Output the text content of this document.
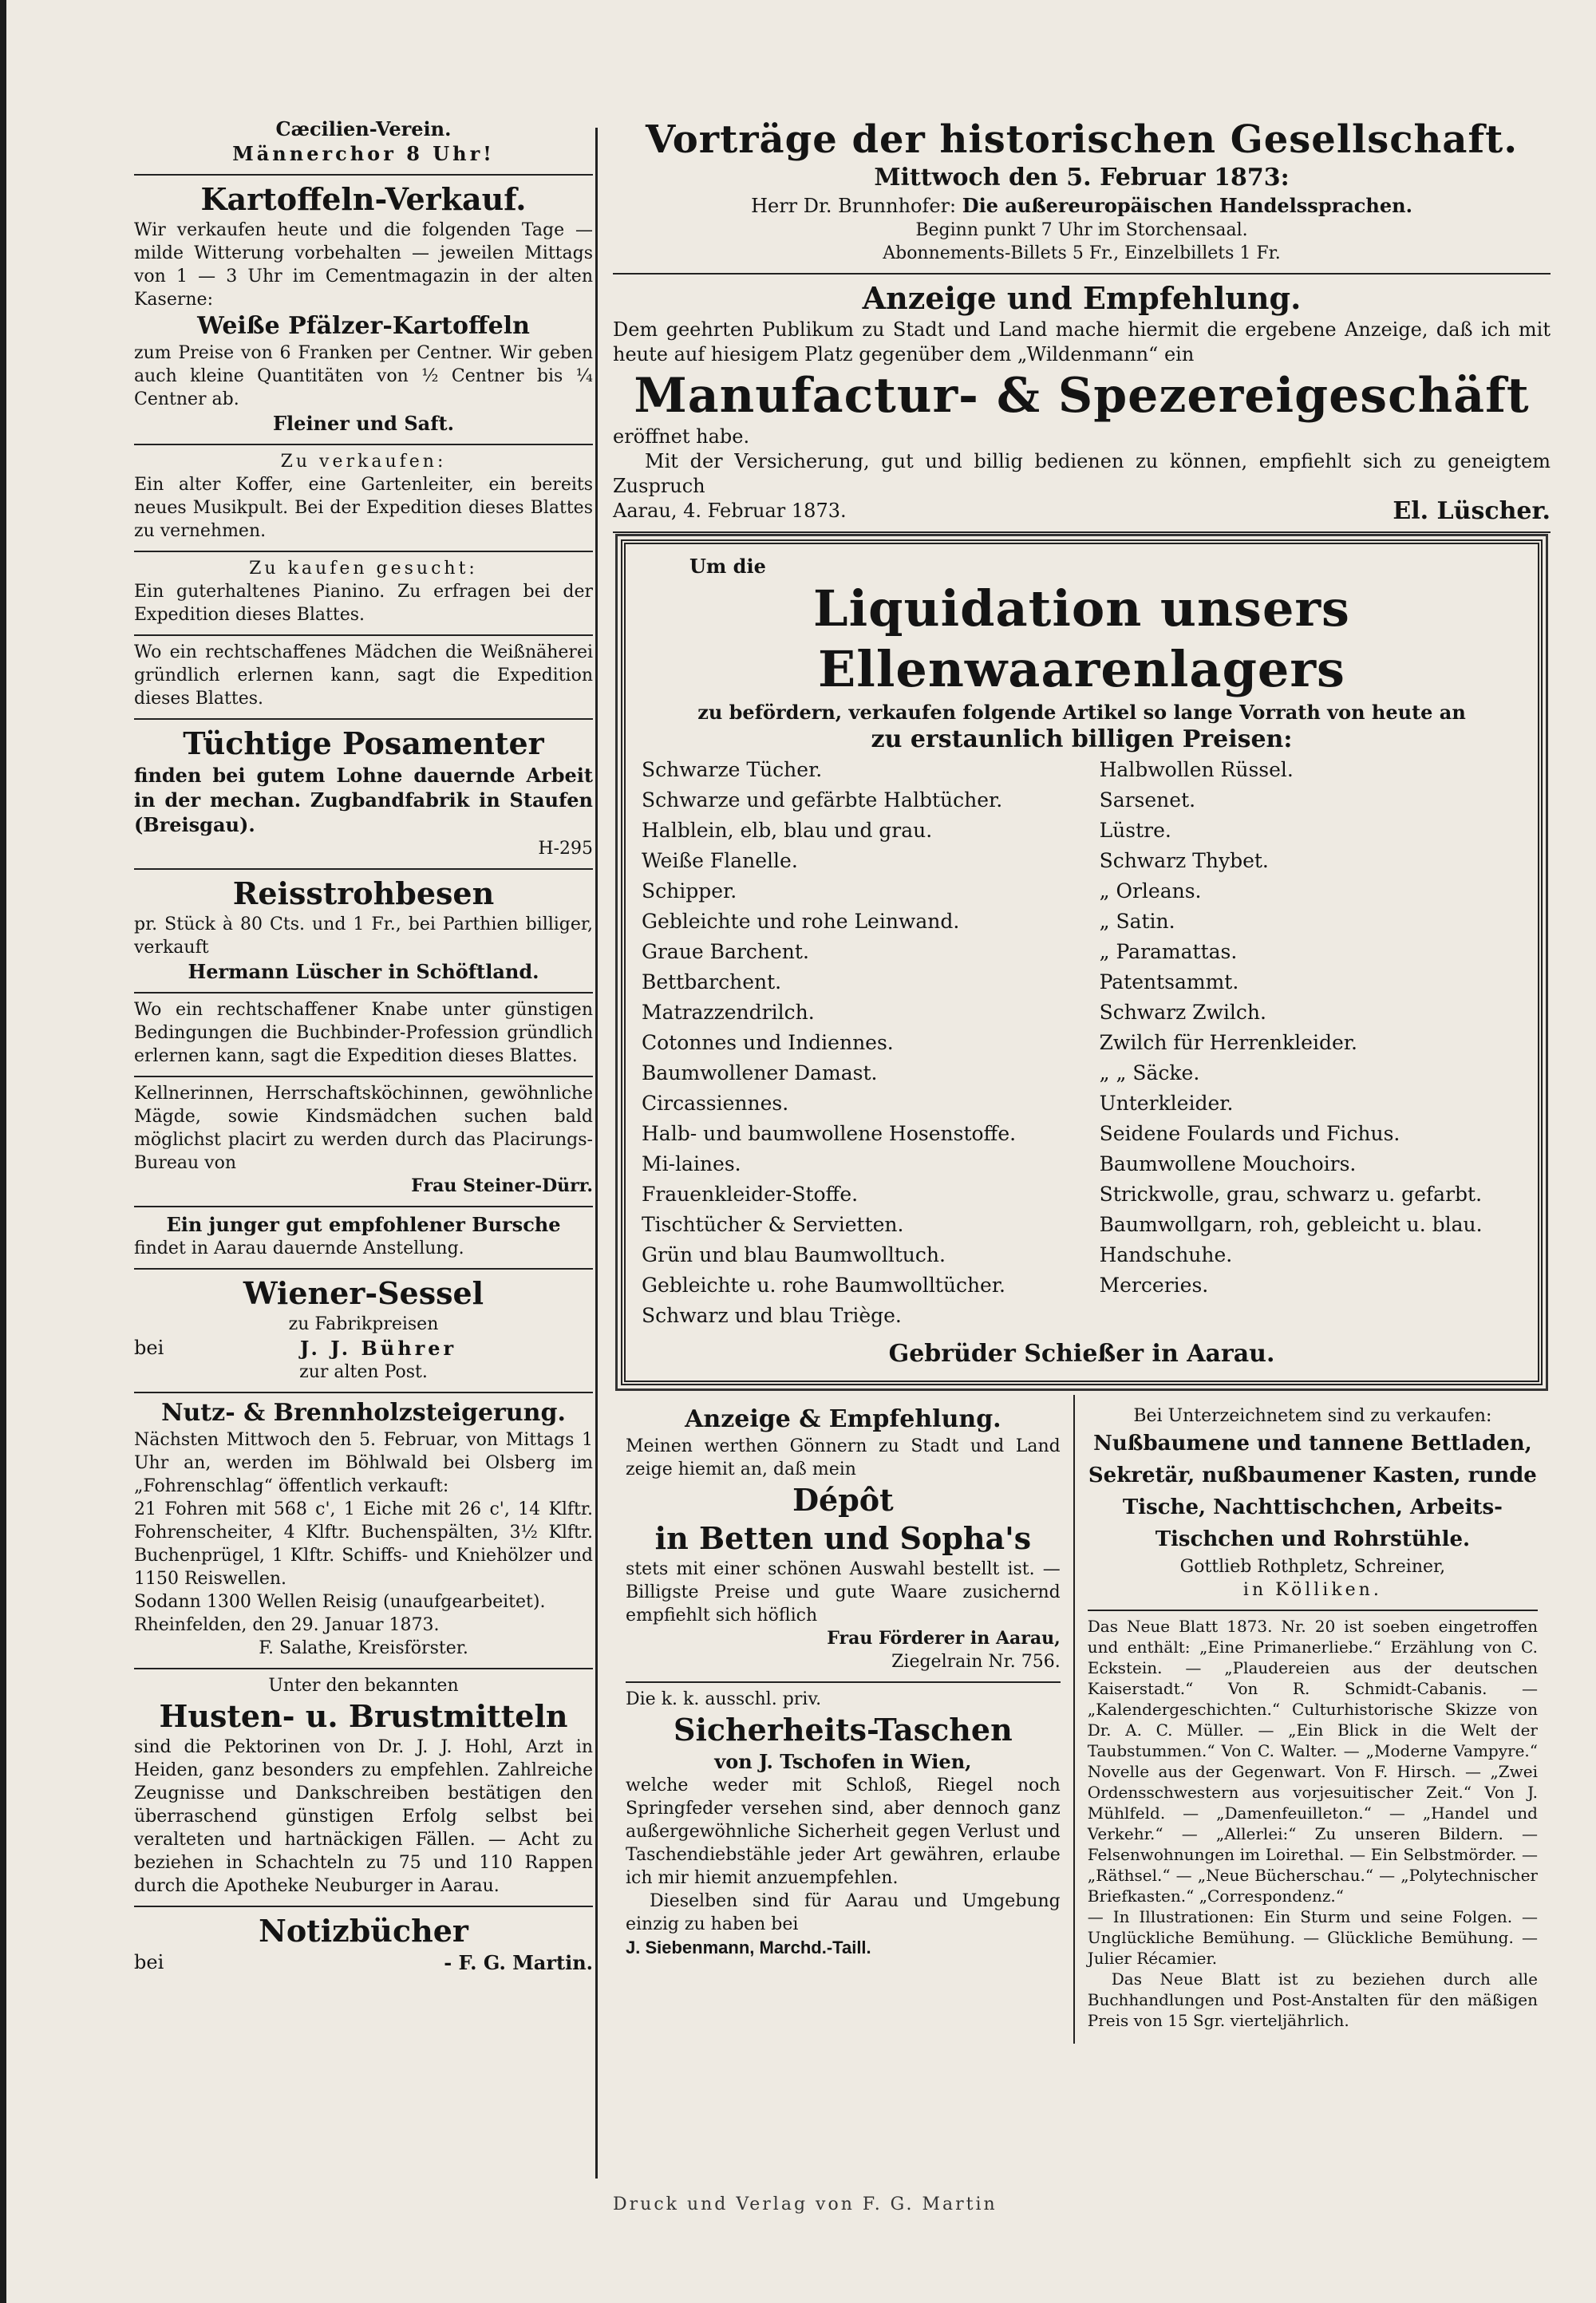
Cæcilien-Verein.

Männerchor 8 Uhr!

Kartoffeln-Verkauf.

Wir verkaufen heute und die folgenden Tage — milde Witterung vorbehalten — jeweilen Mittags von 1 — 3 Uhr im Cementmagazin in der alten Kaserne:

Weiße Pfälzer-Kartoffeln

zum Preise von 6 Franken per Centner. Wir geben auch kleine Quantitäten von ½ Centner bis ¼ Centner ab.

Fleiner und Saft.

Zu verkaufen:

Ein alter Koffer, eine Gartenleiter, ein bereits neues Musikpult. Bei der Expedition dieses Blattes zu vernehmen.

Zu kaufen gesucht:

Ein guterhaltenes Pianino. Zu erfragen bei der Expedition dieses Blattes.

Wo ein rechtschaffenes Mädchen die Weißnäherei gründlich erlernen kann, sagt die Expedition dieses Blattes.

Tüchtige Posamenter

finden bei gutem Lohne dauernde Arbeit in der mechan. Zugbandfabrik in Staufen (Breisgau).

H-295

Reisstrohbesen

pr. Stück à 80 Cts. und 1 Fr., bei Parthien billiger, verkauft

Hermann Lüscher in Schöftland.

Wo ein rechtschaffener Knabe unter günstigen Bedingungen die Buchbinder-Profession gründlich erlernen kann, sagt die Expedition dieses Blattes.

Kellnerinnen, Herrschaftsköchinnen, gewöhnliche Mägde, sowie Kindsmädchen suchen bald möglichst placirt zu werden durch das Placirungs-Bureau von

Frau Steiner-Dürr.

Ein junger gut empfohlener Bursche

findet in Aarau dauernde Anstellung.

Wiener-Sessel

zu Fabrikpreisen

bei	J. J. Bührer

zur alten Post.

Nutz- & Brennholzsteigerung.

Nächsten Mittwoch den 5. Februar, von Mittags 1 Uhr an, werden im Böhlwald bei Olsberg im „Fohrenschlag“ öffentlich verkauft:

21 Fohren mit 568 c', 1 Eiche mit 26 c', 14 Klftr. Fohrenscheiter, 4 Klftr. Buchenspälten, 3½ Klftr. Buchenprügel, 1 Klftr. Schiffs- und Kniehölzer und 1150 Reiswellen.

Sodann 1300 Wellen Reisig (unaufgearbeitet).

Rheinfelden, den 29. Januar 1873.

F. Salathe, Kreisförster.

Unter den bekannten

Husten- u. Brustmitteln

sind die Pektorinen von Dr. J. J. Hohl, Arzt in Heiden, ganz besonders zu empfehlen. Zahlreiche Zeugnisse und Dankschreiben bestätigen den überraschend günstigen Erfolg selbst bei veralteten und hartnäckigen Fällen. — Acht zu beziehen in Schachteln zu 75 und 110 Rappen durch die Apotheke Neuburger in Aarau.

Notizbücher

bei	- F. G. Martin.

Vorträge der historischen Gesellschaft.

Mittwoch den 5. Februar 1873:

Herr Dr. Brunnhofer: Die außereuropäischen Handelssprachen.

Beginn punkt 7 Uhr im Storchensaal.

Abonnements-Billets 5 Fr., Einzelbillets 1 Fr.

Anzeige und Empfehlung.

Dem geehrten Publikum zu Stadt und Land mache hiermit die ergebene Anzeige, daß ich mit heute auf hiesigem Platz gegenüber dem „Wildenmann“ ein

Manufactur- & Spezereigeschäft

eröffnet habe.

Mit der Versicherung, gut und billig bedienen zu können, empfiehlt sich zu geneigtem Zuspruch

Aarau, 4. Februar 1873.	El. Lüscher.

Um die

Liquidation unsers Ellenwaarenlagers

zu befördern, verkaufen folgende Artikel so lange Vorrath von heute an

zu erstaunlich billigen Preisen:

Schwarze Tücher.

Schwarze und gefärbte Halbtücher.

Halblein, elb, blau und grau.

Weiße Flanelle.

Schipper.

Gebleichte und rohe Leinwand.

Graue Barchent.

Bettbarchent.

Matrazzendrilch.

Cotonnes und Indiennes.

Baumwollener Damast.

Circassiennes.

Halb- und baumwollene Hosenstoffe.

Mi-laines.

Frauenkleider-Stoffe.

Tischtücher & Servietten.

Grün und blau Baumwolltuch.

Gebleichte u. rohe Baumwolltücher.

Schwarz und blau Triège.

Halbwollen Rüssel.

Sarsenet.

Lüstre.

Schwarz Thybet.

„ Orleans.

„ Satin.

„ Paramattas.

Patentsammt.

Schwarz Zwilch.

Zwilch für Herrenkleider.

„ „ Säcke.

Unterkleider.

Seidene Foulards und Fichus.

Baumwollene Mouchoirs.

Strickwolle, grau, schwarz u. gefarbt.

Baumwollgarn, roh, gebleicht u. blau.

Handschuhe.

Merceries.

Gebrüder Schießer in Aarau.

Anzeige & Empfehlung.

Meinen werthen Gönnern zu Stadt und Land zeige hiemit an, daß mein

Dépôt

in Betten und Sopha's

stets mit einer schönen Auswahl bestellt ist. — Billigste Preise und gute Waare zusichernd empfiehlt sich höflich

Frau Förderer in Aarau,

Ziegelrain Nr. 756.

Die k. k. ausschl. priv.

Sicherheits-Taschen

von J. Tschofen in Wien,

welche weder mit Schloß, Riegel noch Springfeder versehen sind, aber dennoch ganz außergewöhnliche Sicherheit gegen Verlust und Taschendiebstähle jeder Art gewähren, erlaube ich mir hiemit anzuempfehlen.

Dieselben sind für Aarau und Umgebung einzig zu haben bei

J. Siebenmann, Marchd.-Taill.

Bei Unterzeichnetem sind zu verkaufen:

Nußbaumene und tannene Bettladen, Sekretär, nußbaumener Kasten, runde Tische, Nachttischchen, Arbeits-Tischchen und Rohrstühle.

Gottlieb Rothpletz, Schreiner,

in Kölliken.

Das Neue Blatt 1873. Nr. 20 ist soeben eingetroffen und enthält: „Eine Primanerliebe.“ Erzählung von C. Eckstein. — „Plaudereien aus der deutschen Kaiserstadt.“ Von R. Schmidt-Cabanis. — „Kalendergeschichten.“ Culturhistorische Skizze von Dr. A. C. Müller. — „Ein Blick in die Welt der Taubstummen.“ Von C. Walter. — „Moderne Vampyre.“ Novelle aus der Gegenwart. Von F. Hirsch. — „Zwei Ordensschwestern aus vorjesuitischer Zeit.“ Von J. Mühlfeld. — „Damenfeuilleton.“ — „Handel und Verkehr.“ — „Allerlei:“ Zu unseren Bildern. — Felsenwohnungen im Loirethal. — Ein Selbstmörder. — „Räthsel.“ — „Neue Bücherschau.“ — „Polytechnischer Briefkasten.“ „Correspondenz.“

— In Illustrationen: Ein Sturm und seine Folgen. — Unglückliche Bemühung. — Glückliche Bemühung. — Julier Récamier.

Das Neue Blatt ist zu beziehen durch alle Buchhandlungen und Post-Anstalten für den mäßigen Preis von 15 Sgr. vierteljährlich.

Druck und Verlag von F. G. Martin
